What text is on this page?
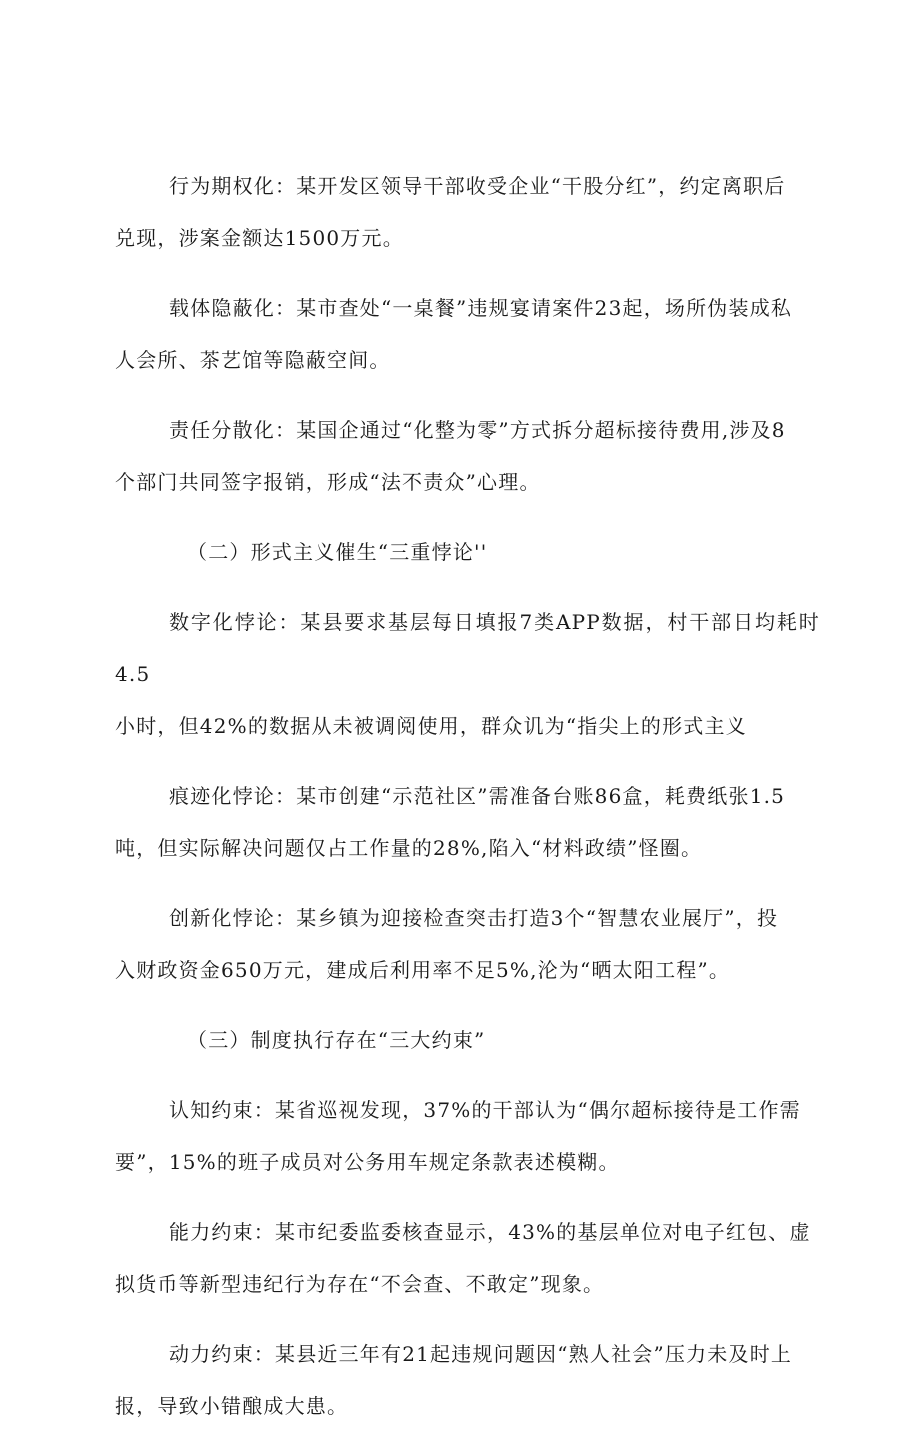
行为期权化：某开发区领导干部收受企业“干股分红”，约定离职后
兑现，涉案金额达1500万元。

载体隐蔽化：某市查处“一桌餐”违规宴请案件23起，场所伪装成私
人会所、茶艺馆等隐蔽空间。

责任分散化：某国企通过“化整为零”方式拆分超标接待费用,涉及8
个部门共同签字报销，形成“法不责众”心理。

（二）形式主义催生“三重悖论''

数字化悖论：某县要求基层每日填报7类APP数据，村干部日均耗时4.5
小时，但42%的数据从未被调阅使用，群众讥为“指尖上的形式主义

痕迹化悖论：某市创建“示范社区”需准备台账86盒，耗费纸张1.5
吨，但实际解决问题仅占工作量的28%,陷入“材料政绩”怪圈。

创新化悖论：某乡镇为迎接检查突击打造3个“智慧农业展厅”，投
入财政资金650万元，建成后利用率不足5%,沦为“晒太阳工程”。

（三）制度执行存在“三大约束”

认知约束：某省巡视发现，37%的干部认为“偶尔超标接待是工作需
要”，15%的班子成员对公务用车规定条款表述模糊。

能力约束：某市纪委监委核查显示，43%的基层单位对电子红包、虚
拟货币等新型违纪行为存在“不会查、不敢定”现象。

动力约束：某县近三年有21起违规问题因“熟人社会”压力未及时上
报，导致小错酿成大患。
